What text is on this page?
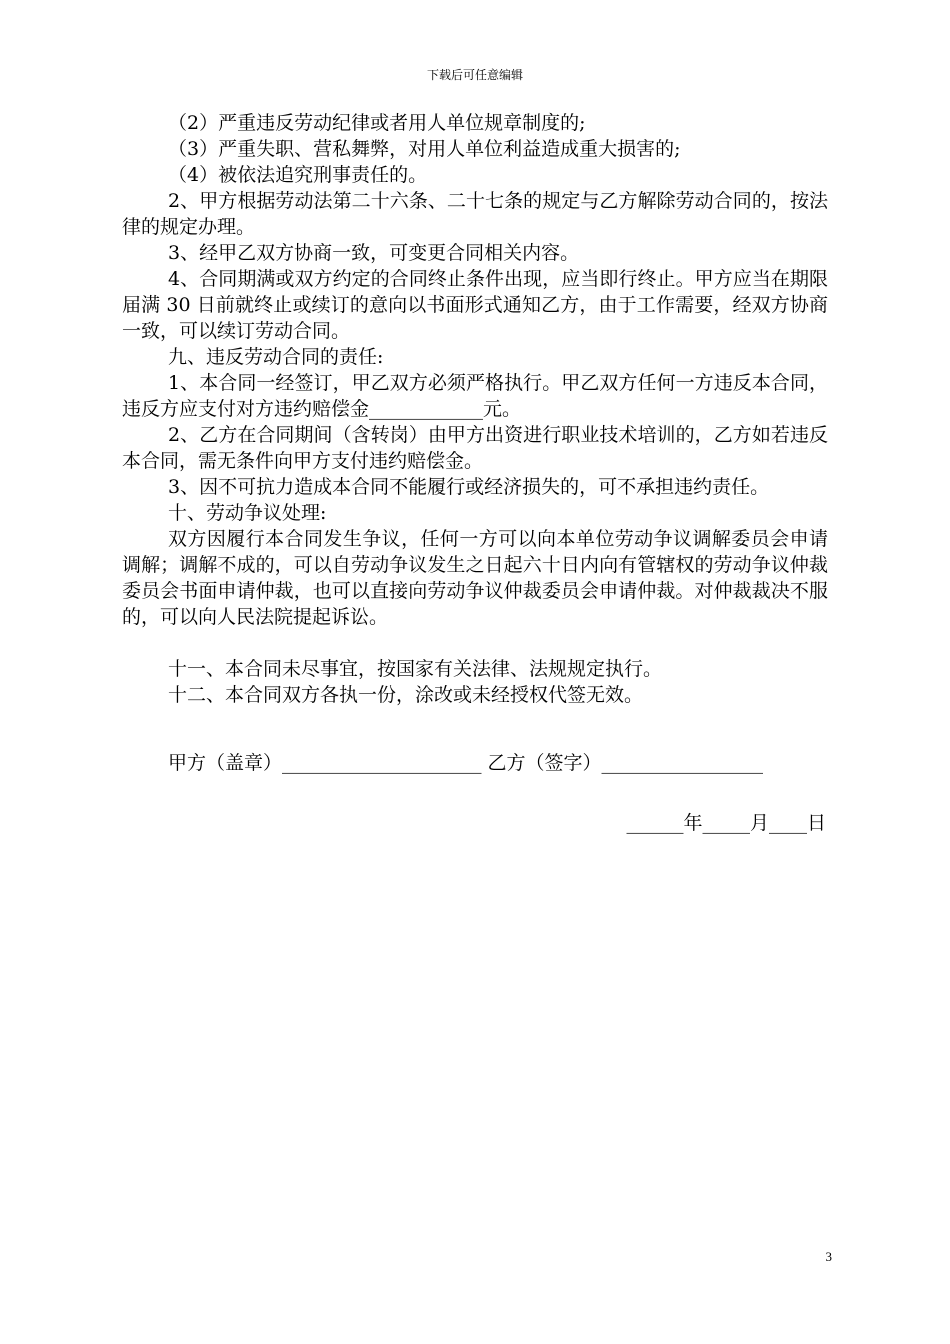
下载后可任意编辑

（2）严重违反劳动纪律或者用人单位规章制度的;

（3）严重失职、营私舞弊，对用人单位利益造成重大损害的;

（4）被依法追究刑事责任的。

2、甲方根据劳动法第二十六条、二十七条的规定与乙方解除劳动合同的，按法律的规定办理。

3、经甲乙双方协商一致，可变更合同相关内容。

4、合同期满或双方约定的合同终止条件出现，应当即行终止。甲方应当在期限届满 30 日前就终止或续订的意向以书面形式通知乙方，由于工作需要，经双方协商一致，可以续订劳动合同。

九、违反劳动合同的责任:

1、本合同一经签订，甲乙双方必须严格执行。甲乙双方任何一方违反本合同，违反方应支付对方违约赔偿金____________元。

2、乙方在合同期间（含转岗）由甲方出资进行职业技术培训的，乙方如若违反本合同，需无条件向甲方支付违约赔偿金。

3、因不可抗力造成本合同不能履行或经济损失的，可不承担违约责任。

十、劳动争议处理:

双方因履行本合同发生争议，任何一方可以向本单位劳动争议调解委员会申请调解；调解不成的，可以自劳动争议发生之日起六十日内向有管辖权的劳动争议仲裁委员会书面申请仲裁，也可以直接向劳动争议仲裁委员会申请仲裁。对仲裁裁决不服的，可以向人民法院提起诉讼。

十一、本合同未尽事宜，按国家有关法律、法规规定执行。

十二、本合同双方各执一份，涂改或未经授权代签无效。

甲方（盖章）_____________________ 乙方（签字）_________________

______年_____月____日
3
